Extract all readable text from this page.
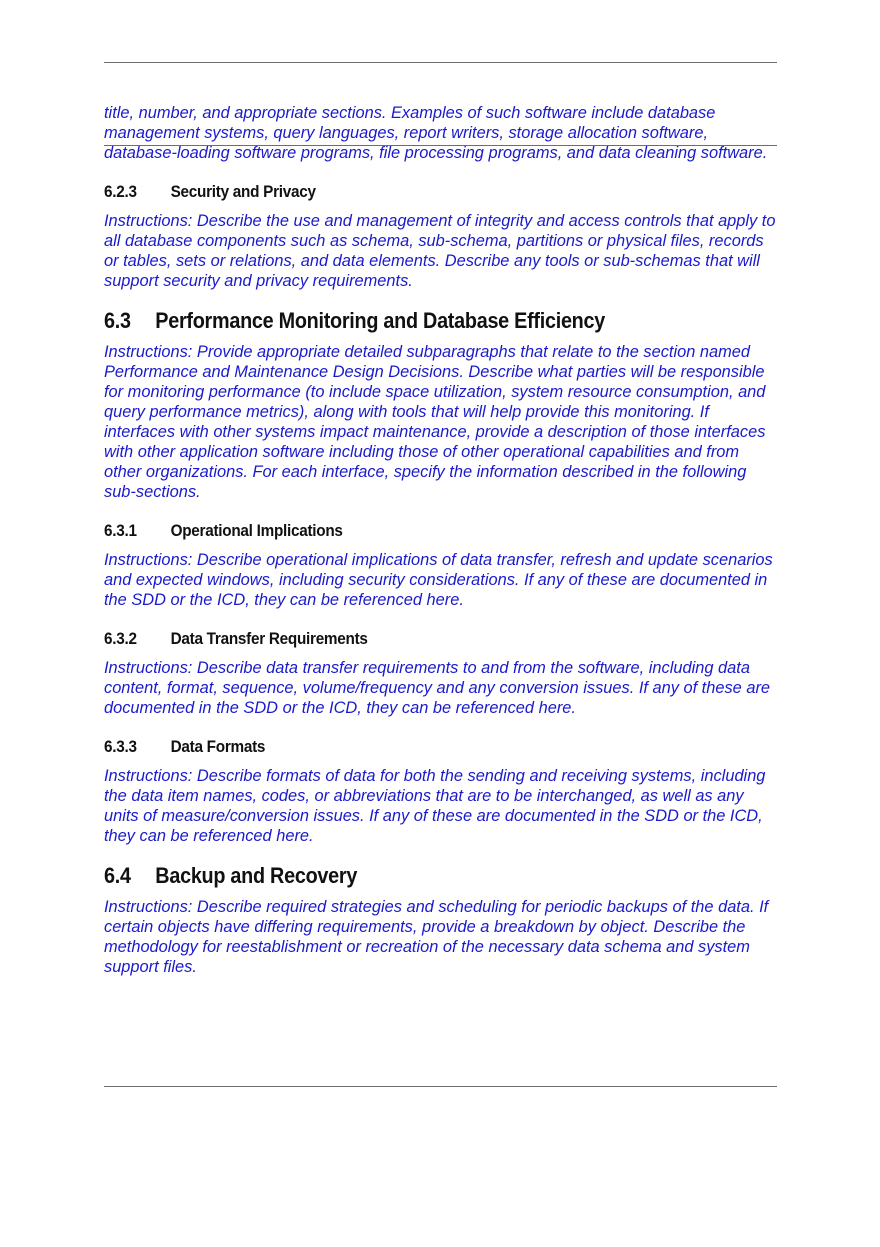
title, number, and appropriate sections. Examples of such software include database management systems, query languages, report writers, storage allocation software, database-loading software programs, file processing programs, and data cleaning software.

6.2.3	Security and Privacy

Instructions: Describe the use and management of integrity and access controls that apply to all database components such as schema, sub-schema, partitions or physical files, records or tables, sets or relations, and data elements. Describe any tools or sub-schemas that will support security and privacy requirements.

6.3	Performance Monitoring and Database Efficiency

Instructions: Provide appropriate detailed subparagraphs that relate to the section named Performance and Maintenance Design Decisions. Describe what parties will be responsible for monitoring performance (to include space utilization, system resource consumption, and query performance metrics), along with tools that will help provide this monitoring. If interfaces with other systems impact maintenance, provide a description of those interfaces with other application software including those of other operational capabilities and from other organizations. For each interface, specify the information described in the following sub-sections.

6.3.1	Operational Implications

Instructions: Describe operational implications of data transfer, refresh and update scenarios and expected windows, including security considerations. If any of these are documented in the SDD or the ICD, they can be referenced here.

6.3.2	Data Transfer Requirements

Instructions: Describe data transfer requirements to and from the software, including data content, format, sequence, volume/frequency and any conversion issues. If any of these are documented in the SDD or the ICD, they can be referenced here.

6.3.3	Data Formats

Instructions: Describe formats of data for both the sending and receiving systems, including the data item names, codes, or abbreviations that are to be interchanged, as well as any units of measure/conversion issues. If any of these are documented in the SDD or the ICD, they can be referenced here.

6.4	Backup and Recovery

Instructions: Describe required strategies and scheduling for periodic backups of the data. If certain objects have differing requirements, provide a breakdown by object. Describe the methodology for reestablishment or recreation of the necessary data schema and system support files.
